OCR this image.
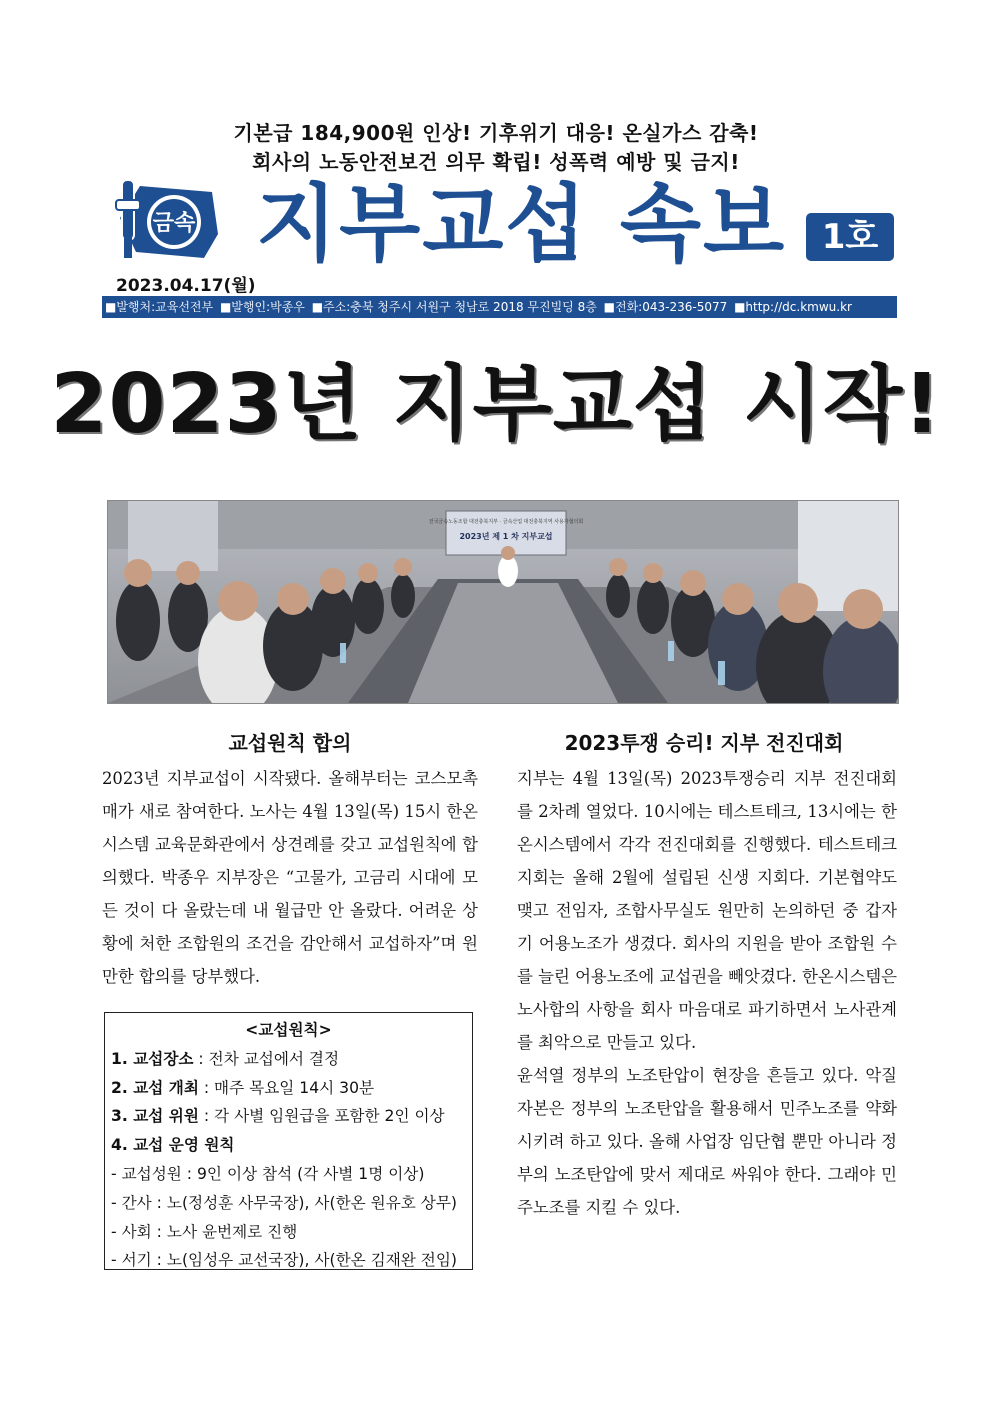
기본급 184,900원 인상! 기후위기 대응! 온실가스 감축!
회사의 노동안전보건 의무 확립! 성폭력 예방 및 금지!
금속 지부교섭 속보	1호
2023.04.17(월)
■발행처:교육선전부 ■발행인:박종우 ■주소:충북 청주시 서원구 청남로 2018 무진빌딩 8층 ■전화:043-236-5077 ■http://dc.kmwu.kr
2023년 지부교섭 시작!
전국금속노동조합 대전충북지부 · 금속산업 대전충북지역 사용자협의회
2023년 제 1 차 지부교섭
교섭원칙 합의
2023년 지부교섭이 시작됐다. 올해부터는 코스모촉매가 새로 참여한다. 노사는 4월 13일(목) 15시 한온시스템 교육문화관에서 상견례를 갖고 교섭원칙에 합의했다. 박종우 지부장은 “고물가, 고금리 시대에 모든 것이 다 올랐는데 내 월급만 안 올랐다. 어려운 상황에 처한 조합원의 조건을 감안해서 교섭하자”며 원만한 합의를 당부했다.
<교섭원칙>
1. 교섭장소 : 전차 교섭에서 결정
2. 교섭 개최 : 매주 목요일 14시 30분
3. 교섭 위원 : 각 사별 임원급을 포함한 2인 이상
4. 교섭 운영 원칙
- 교섭성원 : 9인 이상 참석 (각 사별 1명 이상)
- 간사 : 노(정성훈 사무국장), 사(한온 원유호 상무)
- 사회 : 노사 윤번제로 진행
- 서기 : 노(임성우 교선국장), 사(한온 김재완 전임)
2023투쟁 승리! 지부 전진대회

지부는 4월 13일(목) 2023투쟁승리 지부 전진대회를 2차례 열었다. 10시에는 테스트테크, 13시에는 한온시스템에서 각각 전진대회를 진행했다. 테스트테크지회는 올해 2월에 설립된 신생 지회다. 기본협약도 맺고 전임자, 조합사무실도 원만히 논의하던 중 갑자기 어용노조가 생겼다. 회사의 지원을 받아 조합원 수를 늘린 어용노조에 교섭권을 빼앗겼다. 한온시스템은 노사합의 사항을 회사 마음대로 파기하면서 노사관계를 최악으로 만들고 있다.

윤석열 정부의 노조탄압이 현장을 흔들고 있다. 악질자본은 정부의 노조탄압을 활용해서 민주노조를 약화시키려 하고 있다. 올해 사업장 임단협 뿐만 아니라 정부의 노조탄압에 맞서 제대로 싸워야 한다. 그래야 민주노조를 지킬 수 있다.
